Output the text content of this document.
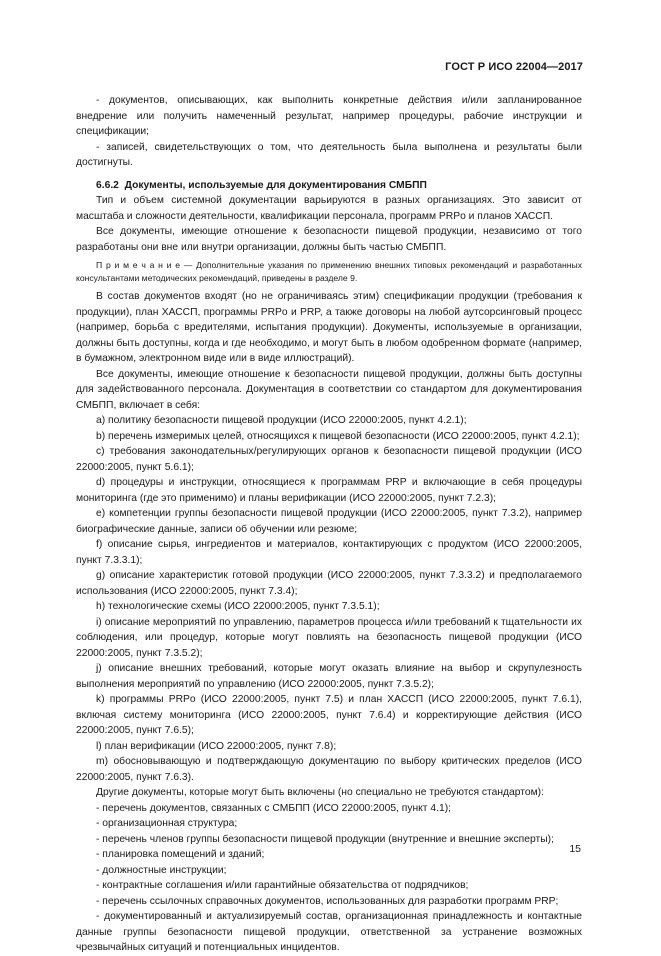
ГОСТ Р ИСО 22004—2017

- документов, описывающих, как выполнить конкретные действия и/или запланированное внедрение или получить намеченный результат, например процедуры, рабочие инструкции и спецификации;

- записей, свидетельствующих о том, что деятельность была выполнена и результаты были достигнуты.

6.6.2 Документы, используемые для документирования СМБПП

Тип и объем системной документации варьируются в разных организациях. Это зависит от масштаба и сложности деятельности, квалификации персонала, программ PRPо и планов ХАССП.

Все документы, имеющие отношение к безопасности пищевой продукции, независимо от того разработаны они вне или внутри организации, должны быть частью СМБПП.

П р и м е ч а н и е — Дополнительные указания по применению внешних типовых рекомендаций и разработанных консультантами методических рекомендаций, приведены в разделе 9.

В состав документов входят (но не ограничиваясь этим) спецификации продукции (требования к продукции), план ХАССП, программы PRPо и PRP, а также договоры на любой аутсорсинговый процесс (например, борьба с вредителями, испытания продукции). Документы, используемые в организации, должны быть доступны, когда и где необходимо, и могут быть в любом одобренном формате (например, в бумажном, электронном виде или в виде иллюстраций).

Все документы, имеющие отношение к безопасности пищевой продукции, должны быть доступны для задействованного персонала. Документация в соответствии со стандартом для документирования СМБПП, включает в себя:

a) политику безопасности пищевой продукции (ИСО 22000:2005, пункт 4.2.1);

b) перечень измеримых целей, относящихся к пищевой безопасности (ИСО 22000:2005, пункт 4.2.1);

c) требования законодательных/регулирующих органов к безопасности пищевой продукции (ИСО 22000:2005, пункт 5.6.1);

d) процедуры и инструкции, относящиеся к программам PRP и включающие в себя процедуры мониторинга (где это применимо) и планы верификации (ИСО 22000:2005, пункт 7.2.3);

e) компетенции группы безопасности пищевой продукции (ИСО 22000:2005, пункт 7.3.2), например биографические данные, записи об обучении или резюме;

f) описание сырья, ингредиентов и материалов, контактирующих с продуктом (ИСО 22000:2005, пункт 7.3.3.1);

g) описание характеристик готовой продукции (ИСО 22000:2005, пункт 7.3.3.2) и предполагаемого использования (ИСО 22000:2005, пункт 7.3.4);

h) технологические схемы (ИСО 22000:2005, пункт 7.3.5.1);

i) описание мероприятий по управлению, параметров процесса и/или требований к тщательности их соблюдения, или процедур, которые могут повлиять на безопасность пищевой продукции (ИСО 22000:2005, пункт 7.3.5.2);

j) описание внешних требований, которые могут оказать влияние на выбор и скрупулезность выполнения мероприятий по управлению (ИСО 22000:2005, пункт 7.3.5.2);

k) программы PRPо (ИСО 22000:2005, пункт 7.5) и план ХАССП (ИСО 22000:2005, пункт 7.6.1), включая систему мониторинга (ИСО 22000:2005, пункт 7.6.4) и корректирующие действия (ИСО 22000:2005, пункт 7.6.5);

l) план верификации (ИСО 22000:2005, пункт 7.8);

m) обосновывающую и подтверждающую документацию по выбору критических пределов (ИСО 22000:2005, пункт 7.6.3).

Другие документы, которые могут быть включены (но специально не требуются стандартом):

- перечень документов, связанных с СМБПП (ИСО 22000:2005, пункт 4.1);

- организационная структура;

- перечень членов группы безопасности пищевой продукции (внутренние и внешние эксперты);

- планировка помещений и зданий;

- должностные инструкции;

- контрактные соглашения и/или гарантийные обязательства от подрядчиков;

- перечень ссылочных справочных документов, использованных для разработки программ PRP;

- документированный и актуализируемый состав, организационная принадлежность и контактные данные группы безопасности пищевой продукции, ответственной за устранение возможных чрезвычайных ситуаций и потенциальных инцидентов.

15
